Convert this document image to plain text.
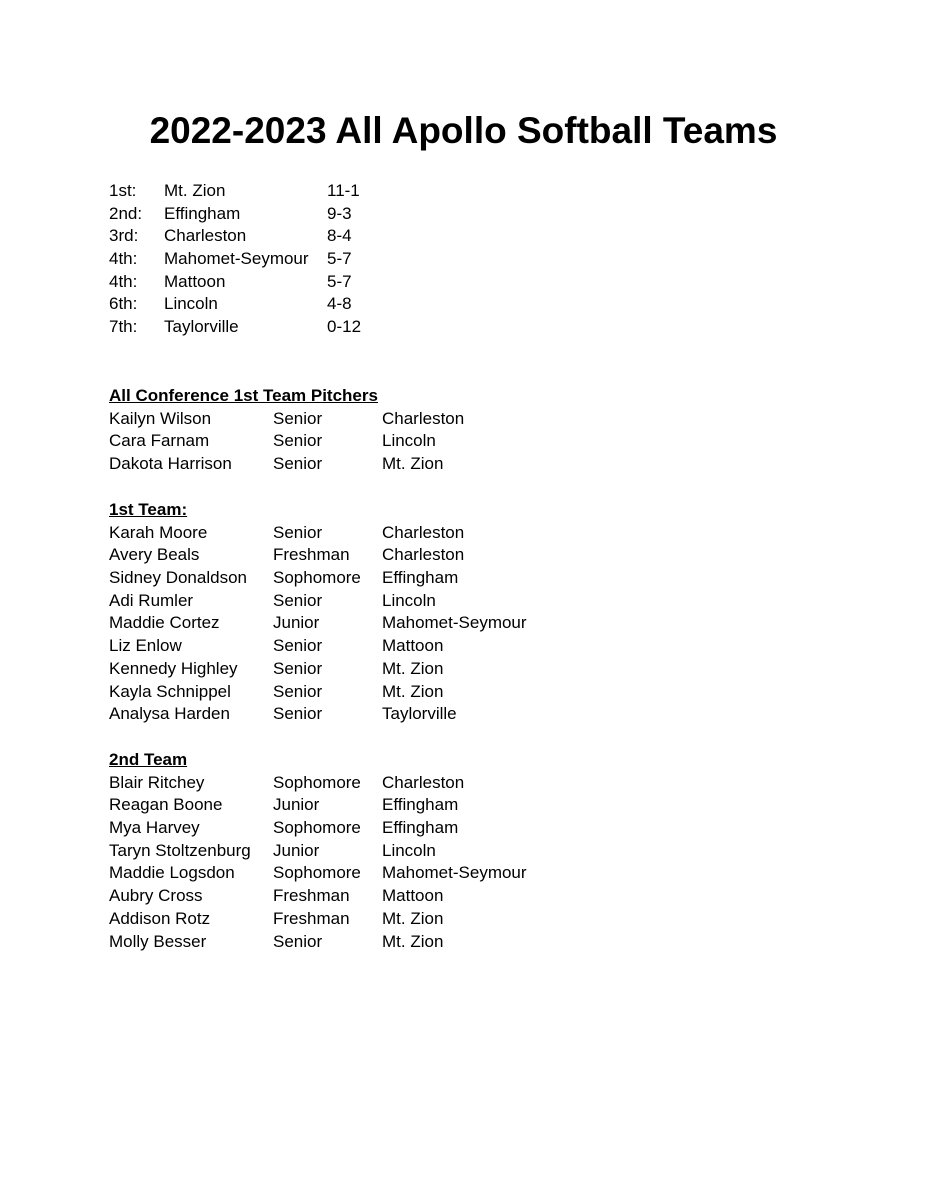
2022-2023 All Apollo Softball Teams
1st: Mt. Zion	11-1
2nd: Effingham	9-3
3rd: Charleston	8-4
4th: Mahomet-Seymour 5-7
4th: Mattoon	5-7
6th: Lincoln	4-8
7th: Taylorville	0-12
All Conference 1st Team Pitchers
Kailyn Wilson	Senior	Charleston
Cara Farnam	Senior	Lincoln
Dakota Harrison Senior	Mt. Zion
1st Team:
Karah Moore	Senior	Charleston
Avery Beals	Freshman Charleston
Sidney Donaldson Sophomore Effingham
Adi Rumler	Senior	Lincoln
Maddie Cortez	Junior	Mahomet-Seymour
Liz Enlow	Senior	Mattoon
Kennedy Highley Senior	Mt. Zion
Kayla Schnippel Senior	Mt. Zion
Analysa Harden	Senior	Taylorville
2nd Team
Blair Ritchey	Sophomore Charleston
Reagan Boone	Junior	Effingham
Mya Harvey	Sophomore Effingham
Taryn Stoltzenburg Junior	Lincoln
Maddie Logsdon Sophomore Mahomet-Seymour
Aubry Cross	Freshman Mattoon
Addison Rotz	Freshman Mt. Zion
Molly Besser	Senior	Mt. Zion
